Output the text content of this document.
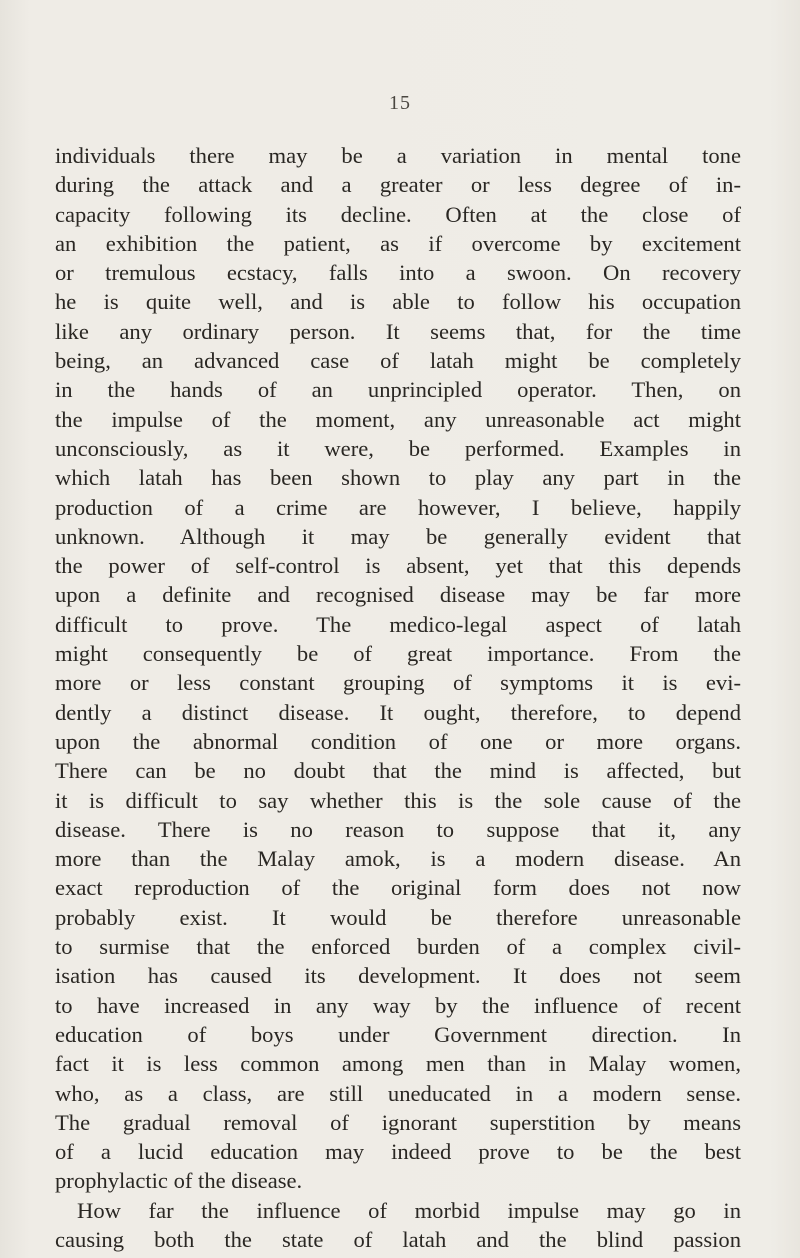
15
individuals there may be a variation in mental tone
during the attack and a greater or less degree of in-
capacity following its decline. Often at the close of
an exhibition the patient, as if overcome by excitement
or tremulous ecstacy, falls into a swoon. On recovery
he is quite well, and is able to follow his occupation
like any ordinary person. It seems that, for the time
being, an advanced case of latah might be completely
in the hands of an unprincipled operator. Then, on
the impulse of the moment, any unreasonable act might
unconsciously, as it were, be performed. Examples in
which latah has been shown to play any part in the
production of a crime are however, I believe, happily
unknown. Although it may be generally evident that
the power of self-control is absent, yet that this depends
upon a definite and recognised disease may be far more
difficult to prove. The medico-legal aspect of latah
might consequently be of great importance. From the
more or less constant grouping of symptoms it is evi-
dently a distinct disease. It ought, therefore, to depend
upon the abnormal condition of one or more organs.
There can be no doubt that the mind is affected, but
it is difficult to say whether this is the sole cause of the
disease. There is no reason to suppose that it, any
more than the Malay amok, is a modern disease. An
exact reproduction of the original form does not now
probably exist. It would be therefore unreasonable
to surmise that the enforced burden of a complex civil-
isation has caused its development. It does not seem
to have increased in any way by the influence of recent
education of boys under Government direction. In
fact it is less common among men than in Malay women,
who, as a class, are still uneducated in a modern sense.
The gradual removal of ignorant superstition by means
of a lucid education may indeed prove to be the best
prophylactic of the disease.
How far the influence of morbid impulse may go in
causing both the state of latah and the blind passion
